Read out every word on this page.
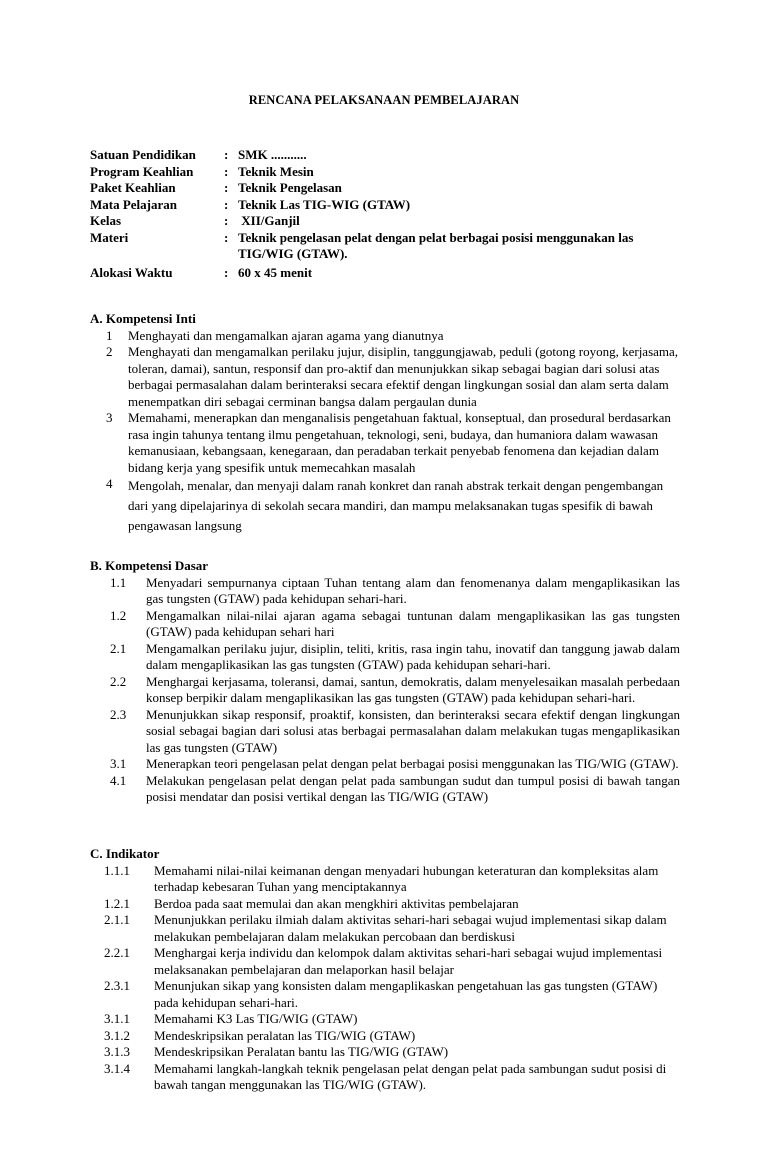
RENCANA PELAKSANAAN PEMBELAJARAN
Satuan Pendidikan	: SMK ...........
Program Keahlian	: Teknik Mesin
Paket Keahlian	: Teknik Pengelasan
Mata Pelajaran	: Teknik Las TIG-WIG (GTAW)
Kelas	: XII/Ganjil
Materi	: Teknik pengelasan pelat dengan pelat berbagai posisi menggunakan las TIG/WIG (GTAW).
Alokasi Waktu	: 60 x 45 menit
A. Kompetensi Inti
1	Menghayati dan mengamalkan ajaran agama yang dianutnya
2	Menghayati dan mengamalkan perilaku jujur, disiplin, tanggungjawab, peduli (gotong royong, kerjasama, toleran, damai), santun, responsif dan pro-aktif dan menunjukkan sikap sebagai bagian dari solusi atas berbagai permasalahan dalam berinteraksi secara efektif dengan lingkungan sosial dan alam serta dalam menempatkan diri sebagai cerminan bangsa dalam pergaulan dunia
3	Memahami, menerapkan dan menganalisis pengetahuan faktual, konseptual, dan prosedural berdasarkan rasa ingin tahunya tentang ilmu pengetahuan, teknologi, seni, budaya, dan humaniora dalam wawasan kemanusiaan, kebangsaan, kenegaraan, dan peradaban terkait penyebab fenomena dan kejadian dalam bidang kerja yang spesifik untuk memecahkan masalah
4	Mengolah, menalar, dan menyaji dalam ranah konkret dan ranah abstrak terkait dengan pengembangan dari yang dipelajarinya di sekolah secara mandiri, dan mampu melaksanakan tugas spesifik di bawah pengawasan langsung
B. Kompetensi Dasar
1.1	Menyadari sempurnanya ciptaan Tuhan tentang alam dan fenomenanya dalam mengaplikasikan las gas tungsten (GTAW) pada kehidupan sehari-hari.
1.2	Mengamalkan nilai-nilai ajaran agama sebagai tuntunan dalam mengaplikasikan las gas tungsten (GTAW) pada kehidupan sehari hari
2.1	Mengamalkan perilaku jujur, disiplin, teliti, kritis, rasa ingin tahu, inovatif dan tanggung jawab dalam dalam mengaplikasikan las gas tungsten (GTAW) pada kehidupan sehari-hari.
2.2	Menghargai kerjasama, toleransi, damai, santun, demokratis, dalam menyelesaikan masalah perbedaan konsep berpikir dalam mengaplikasikan las gas tungsten (GTAW) pada kehidupan sehari-hari.
2.3	Menunjukkan sikap responsif, proaktif, konsisten, dan berinteraksi secara efektif dengan lingkungan sosial sebagai bagian dari solusi atas berbagai permasalahan dalam melakukan tugas mengaplikasikan las gas tungsten (GTAW)
3.1	Menerapkan teori pengelasan pelat dengan pelat berbagai posisi menggunakan las TIG/WIG (GTAW).
4.1	Melakukan pengelasan pelat dengan pelat pada sambungan sudut dan tumpul posisi di bawah tangan posisi mendatar dan posisi vertikal dengan las TIG/WIG (GTAW)
C. Indikator
1.1.1	Memahami nilai-nilai keimanan dengan menyadari hubungan keteraturan dan kompleksitas alam terhadap kebesaran Tuhan yang menciptakannya
1.2.1	Berdoa pada saat memulai dan akan mengkhiri aktivitas pembelajaran
2.1.1	Menunjukkan perilaku ilmiah dalam aktivitas sehari-hari sebagai wujud implementasi sikap dalam melakukan pembelajaran dalam melakukan percobaan dan berdiskusi
2.2.1	Menghargai kerja individu dan kelompok dalam aktivitas sehari-hari sebagai wujud implementasi melaksanakan pembelajaran dan melaporkan hasil belajar
2.3.1	Menunjukan sikap yang konsisten dalam mengaplikaskan pengetahuan las gas tungsten (GTAW) pada kehidupan sehari-hari.
3.1.1	Memahami K3 Las TIG/WIG (GTAW)
3.1.2	Mendeskripsikan peralatan las TIG/WIG (GTAW)
3.1.3	Mendeskripsikan Peralatan bantu las TIG/WIG (GTAW)
3.1.4	Memahami langkah-langkah teknik pengelasan pelat dengan pelat pada sambungan sudut posisi di bawah tangan menggunakan las TIG/WIG (GTAW).
